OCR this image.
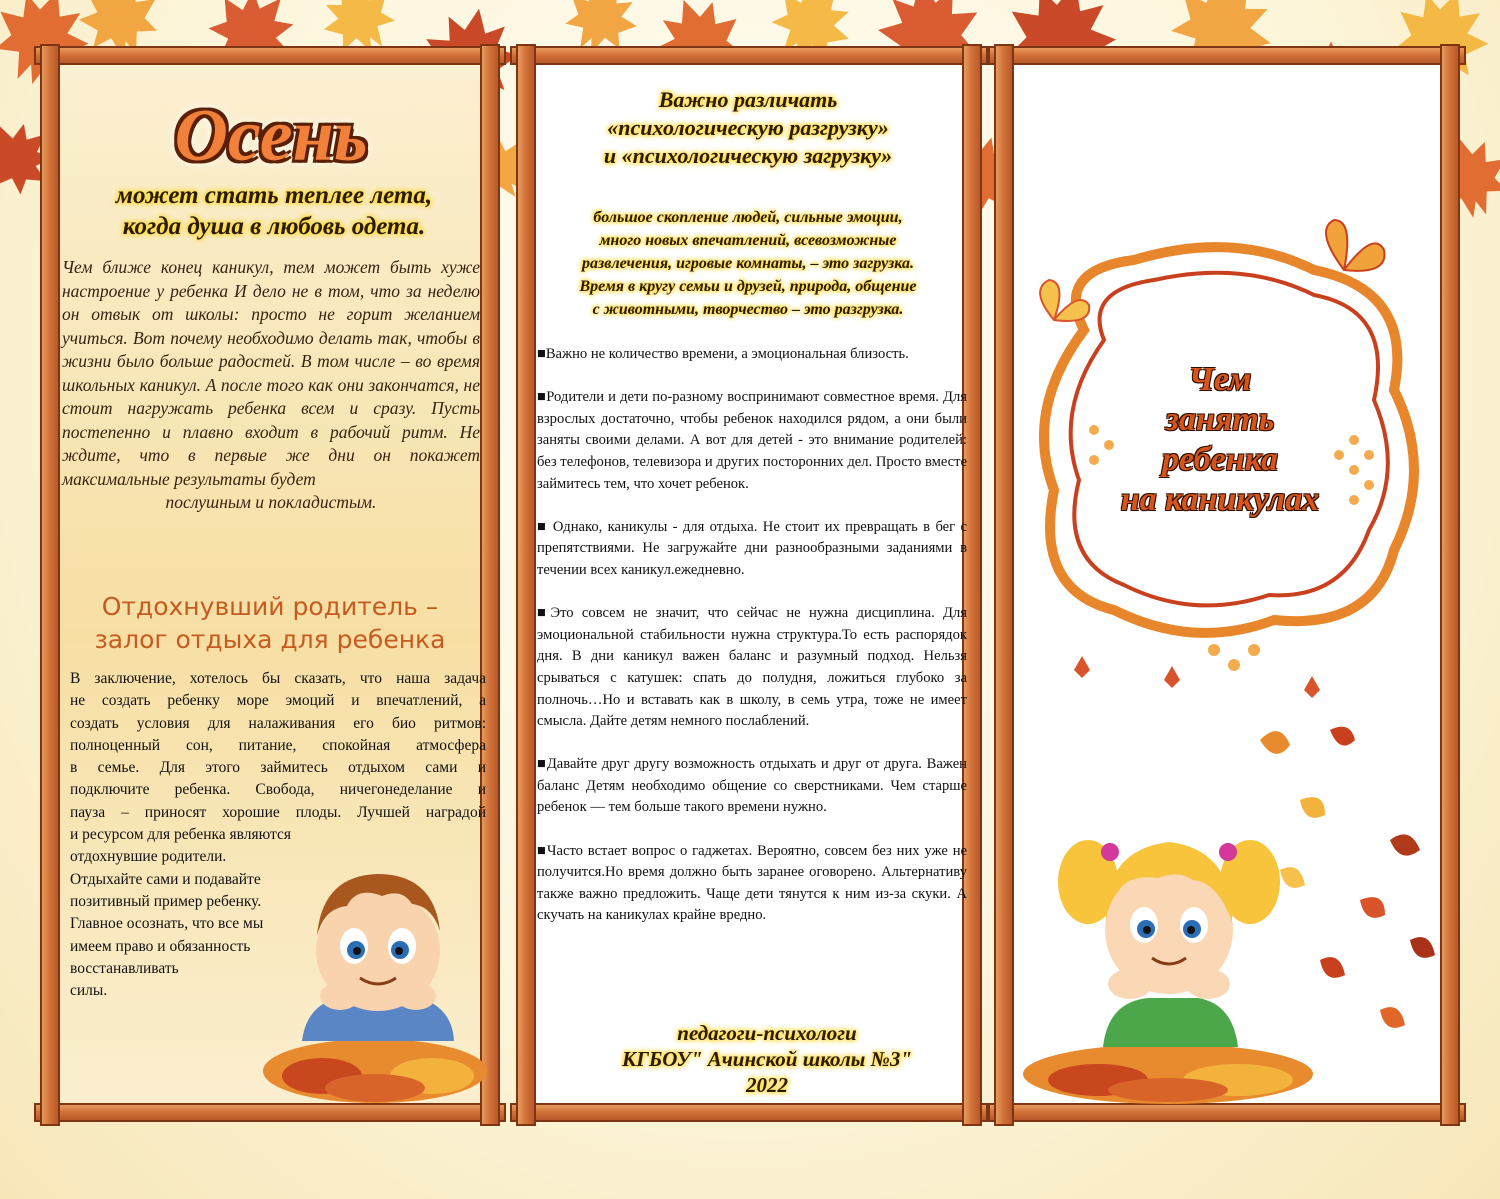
Осень
может стать теплее лета,
когда душа в любовь одета.
Чем ближе конец каникул, тем может быть хуже настроение у ребенка И дело не в том, что за неделю он отвык от школы: просто не горит желанием учиться. Вот почему необходимо делать так, чтобы в жизни было больше радостей. В том числе – во время школьных каникул. А после того как они закончатся, не стоит нагружать ребенка всем и сразу. Пусть постепенно и плавно входит в рабочий ритм. Не ждите, что в первые же дни он покажет максимальные результаты будет
послушным и покладистым.
Отдохнувший родитель –
залог отдыха для ребенка
В заключение, хотелось бы сказать, что наша задача
не создать ребенку море эмоций и впечатлений, а
создать условия для налаживания его био ритмов:
полноценный сон, питание, спокойная атмосфера
в семье. Для этого займитесь отдыхом сами и
подключите ребенка. Свобода, ничегонеделание и
пауза – приносят хорошие плоды. Лучшей наградой
и ресурсом для ребенка являются
отдохнувшие родители.
Отдыхайте сами и подавайте
позитивный пример ребенку.
Главное осознать, что все мы
имеем право и обязанность
восстанавливать
силы.
Важно различать
«психологическую разгрузку»
и «психологическую загрузку»
большое скопление людей, сильные эмоции,
много новых впечатлений, всевозможные
развлечения, игровые комнаты, – это загрузка.
Время в кругу семьи и друзей, природа, общение
с животными, творчество – это разгрузка.

■Важно не количество времени, а эмоциональная близость.

■Родители и дети по-разному воспринимают совместное время. Для взрослых достаточно, чтобы ребенок находился рядом, а они были заняты своими делами. А вот для детей - это внимание родителей: без телефонов, телевизора и других посторонних дел. Просто вместе займитесь тем, что хочет ребенок.

■ Однако, каникулы - для отдыха. Не стоит их превращать в бег с препятствиями. Не загружайте дни разнообразными заданиями в течении всех каникул.ежедневно.

■Это совсем не значит, что сейчас не нужна дисциплина. Для эмоциональной стабильности нужна структура.То есть распорядок дня. В дни каникул важен баланс и разумный подход. Нельзя срываться с катушек: спать до полудня, ложиться глубоко за полночь…Но и вставать как в школу, в семь утра, тоже не имеет смысла. Дайте детям немного послаблений.

■Давайте друг другу возможность отдыхать и друг от друга. Важен баланс Детям необходимо общение со сверстниками. Чем старше ребенок — тем больше такого времени нужно.

■Часто встает вопрос о гаджетах. Вероятно, совсем без них уже не получится.Но время должно быть заранее оговорено. Альтернативу также важно предложить. Чаще дети тянутся к ним из-за скуки. А скучать на каникулах крайне вредно.

педагоги-психологи
КГБОУ" Ачинской школы №3"
2022
Чем
занять
ребенка
на каникулах
